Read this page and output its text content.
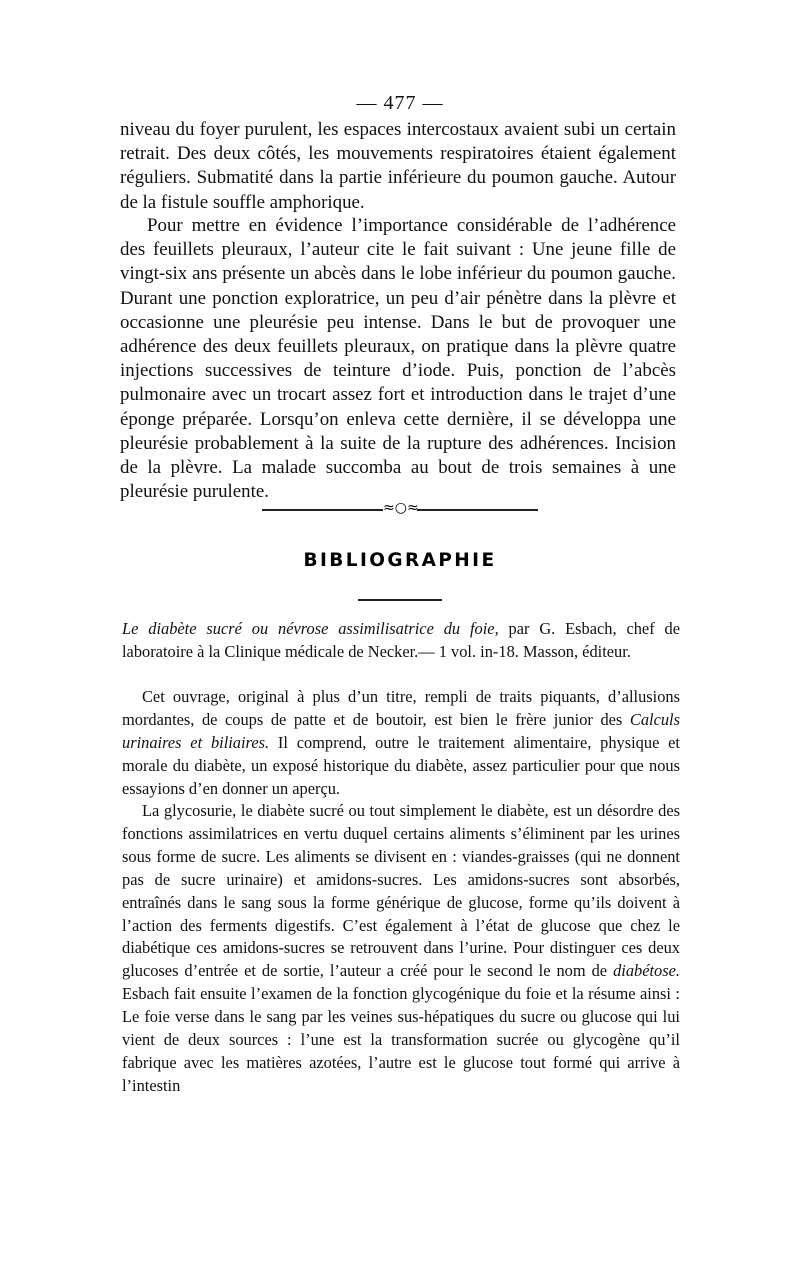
— 477 —

niveau du foyer purulent, les espaces intercostaux avaient subi un certain retrait. Des deux côtés, les mouvements respiratoires étaient également réguliers. Submatité dans la partie inférieure du poumon gauche. Autour de la fistule souffle amphorique.

Pour mettre en évidence l’importance considérable de l’adhérence des feuillets pleuraux, l’auteur cite le fait suivant : Une jeune fille de vingt-six ans présente un abcès dans le lobe inférieur du poumon gauche. Durant une ponction exploratrice, un peu d’air pénètre dans la plèvre et occasionne une pleurésie peu intense. Dans le but de provoquer une adhérence des deux feuillets pleuraux, on pratique dans la plèvre quatre injections successives de teinture d’iode. Puis, ponction de l’abcès pulmonaire avec un trocart assez fort et introduction dans le trajet d’une éponge préparée. Lorsqu’on enleva cette dernière, il se développa une pleurésie probablement à la suite de la rupture des adhérences. Incision de la plèvre. La malade succomba au bout de trois semaines à une pleurésie purulente.

≈○≈
BIBLIOGRAPHIE

Le diabète sucré ou névrose assimilisatrice du foie, par G. Esbach, chef de laboratoire à la Clinique médicale de Necker.— 1 vol. in-18. Masson, éditeur.

Cet ouvrage, original à plus d’un titre, rempli de traits piquants, d’allusions mordantes, de coups de patte et de boutoir, est bien le frère junior des Calculs urinaires et biliaires. Il comprend, outre le traitement alimentaire, physique et morale du diabète, un exposé historique du diabète, assez particulier pour que nous essayions d’en donner un aperçu.

La glycosurie, le diabète sucré ou tout simplement le diabète, est un désordre des fonctions assimilatrices en vertu duquel certains aliments s’éliminent par les urines sous forme de sucre. Les aliments se divisent en : viandes-graisses (qui ne donnent pas de sucre urinaire) et amidons-sucres. Les amidons-sucres sont absorbés, entraînés dans le sang sous la forme générique de glucose, forme qu’ils doivent à l’action des ferments digestifs. C’est également à l’état de glucose que chez le diabétique ces amidons-sucres se retrouvent dans l’urine. Pour distinguer ces deux glucoses d’entrée et de sortie, l’auteur a créé pour le second le nom de diabétose. Esbach fait ensuite l’examen de la fonction glycogénique du foie et la résume ainsi : Le foie verse dans le sang par les veines sus-hépatiques du sucre ou glucose qui lui vient de deux sources : l’une est la transformation sucrée ou glycogène qu’il fabrique avec les matières azotées, l’autre est le glucose tout formé qui arrive à l’intestin
